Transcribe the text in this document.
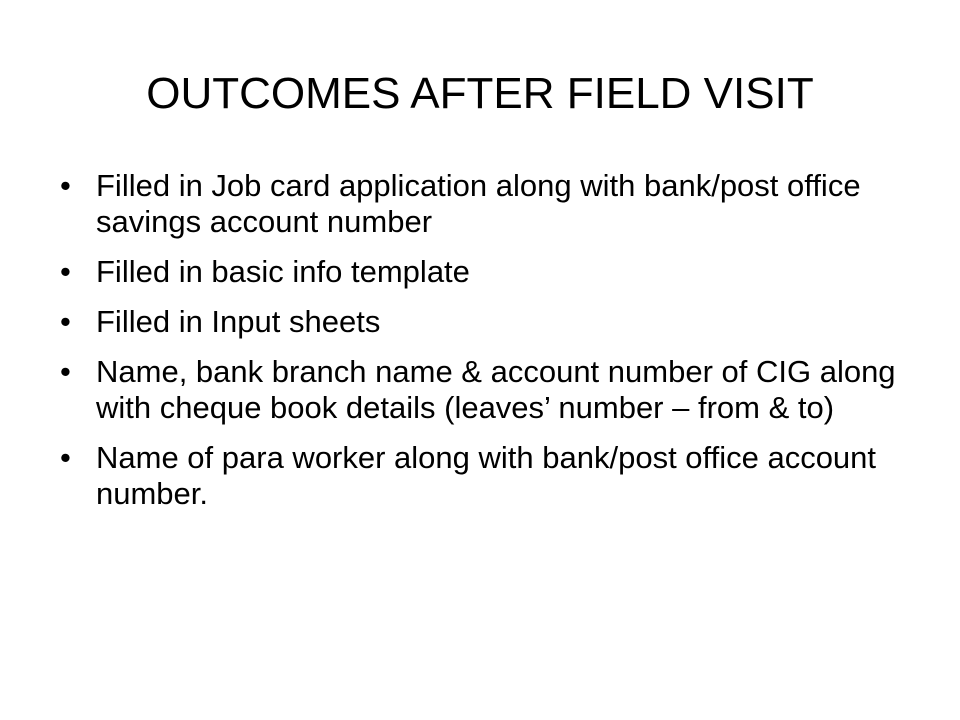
OUTCOMES AFTER FIELD VISIT
• Filled in Job card application along with bank/post office savings account number
• Filled in basic info template
• Filled in Input sheets
• Name, bank branch name & account number of CIG along with cheque book details (leaves’ number – from & to)
• Name of para worker along with bank/post office account number.
